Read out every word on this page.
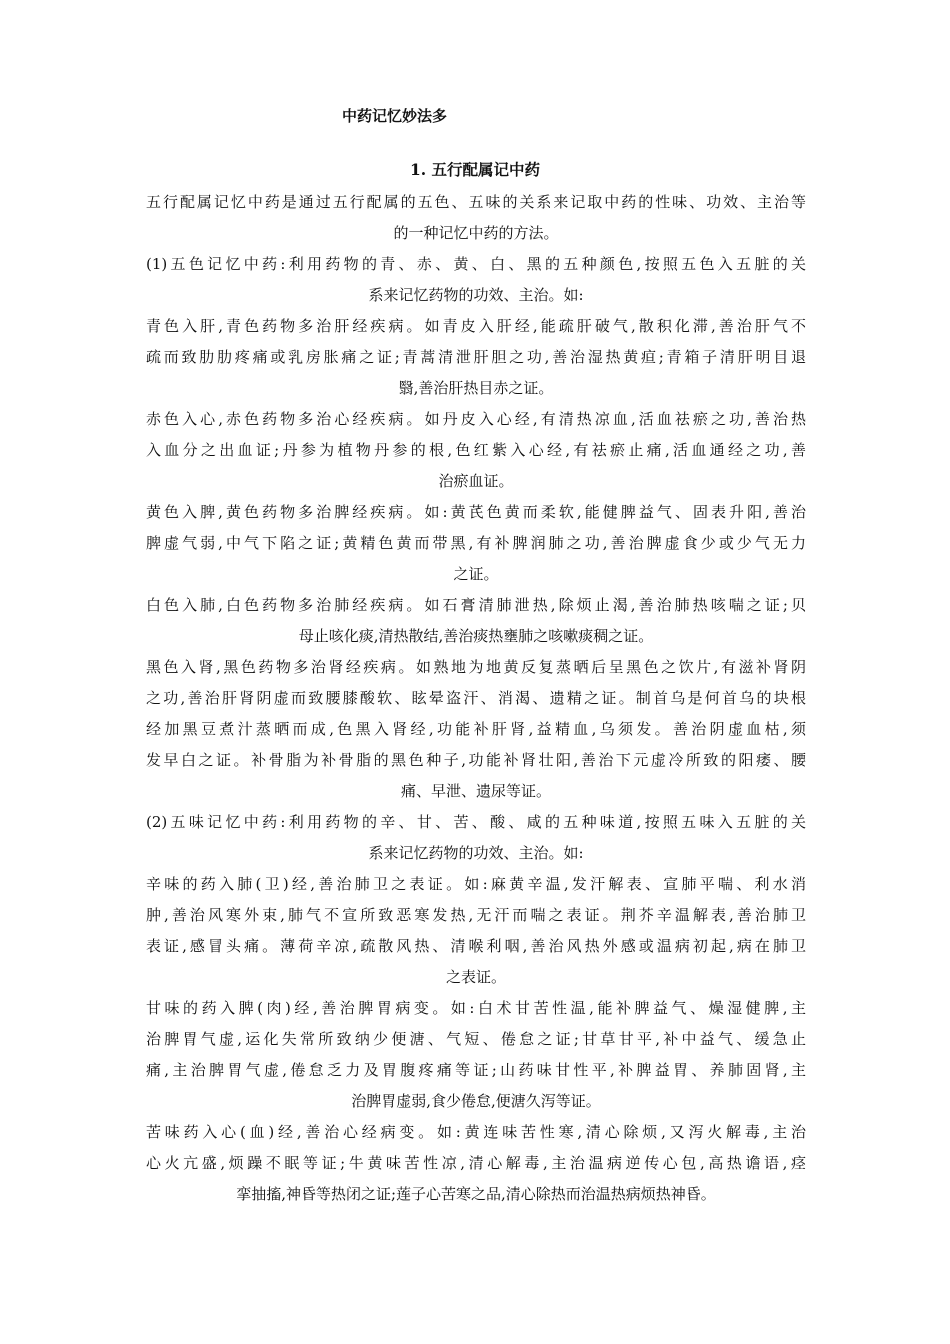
中药记忆妙法多
1. 五行配属记中药
五行配属记忆中药是通过五行配属的五色、五味的关系来记取中药的性味、功效、主治等
的一种记忆中药的方法。
(1)五色记忆中药:利用药物的青、赤、黄、白、黑的五种颜色,按照五色入五脏的关
系来记忆药物的功效、主治。如:
青色入肝,青色药物多治肝经疾病。如青皮入肝经,能疏肝破气,散积化滞,善治肝气不
疏而致肋肋疼痛或乳房胀痛之证;青蒿清泄肝胆之功,善治湿热黄疸;青箱子清肝明目退
翳,善治肝热目赤之证。
赤色入心,赤色药物多治心经疾病。如丹皮入心经,有清热凉血,活血祛瘀之功,善治热
入血分之出血证;丹参为植物丹参的根,色红紫入心经,有祛瘀止痛,活血通经之功,善
治瘀血证。
黄色入脾,黄色药物多治脾经疾病。如:黄芪色黄而柔软,能健脾益气、固表升阳,善治
脾虚气弱,中气下陷之证;黄精色黄而带黑,有补脾润肺之功,善治脾虚食少或少气无力
之证。
白色入肺,白色药物多治肺经疾病。如石膏清肺泄热,除烦止渴,善治肺热咳喘之证;贝
母止咳化痰,清热散结,善治痰热壅肺之咳嗽痰稠之证。
黑色入肾,黑色药物多治肾经疾病。如熟地为地黄反复蒸晒后呈黑色之饮片,有滋补肾阴
之功,善治肝肾阴虚而致腰膝酸软、眩晕盗汗、消渴、遗精之证。制首乌是何首乌的块根
经加黑豆煮汁蒸晒而成,色黑入肾经,功能补肝肾,益精血,乌须发。善治阴虚血枯,须
发早白之证。补骨脂为补骨脂的黑色种子,功能补肾壮阳,善治下元虚冷所致的阳痿、腰
痛、早泄、遗尿等证。
(2)五味记忆中药:利用药物的辛、甘、苦、酸、咸的五种味道,按照五味入五脏的关
系来记忆药物的功效、主治。如:
辛味的药入肺(卫)经,善治肺卫之表证。如:麻黄辛温,发汗解表、宣肺平喘、利水消
肿,善治风寒外束,肺气不宣所致恶寒发热,无汗而喘之表证。荆芥辛温解表,善治肺卫
表证,感冒头痛。薄荷辛凉,疏散风热、清喉利咽,善治风热外感或温病初起,病在肺卫
之表证。
甘味的药入脾(肉)经,善治脾胃病变。如:白术甘苦性温,能补脾益气、燥湿健脾,主
治脾胃气虚,运化失常所致纳少便溏、气短、倦怠之证;甘草甘平,补中益气、缓急止
痛,主治脾胃气虚,倦怠乏力及胃腹疼痛等证;山药味甘性平,补脾益胃、养肺固肾,主
治脾胃虚弱,食少倦怠,便溏久泻等证。
苦味药入心(血)经,善治心经病变。如:黄连味苦性寒,清心除烦,又泻火解毒,主治
心火亢盛,烦躁不眠等证;牛黄味苦性凉,清心解毒,主治温病逆传心包,高热谵语,痉
挛抽搐,神昏等热闭之证;莲子心苦寒之品,清心除热而治温热病烦热神昏。
